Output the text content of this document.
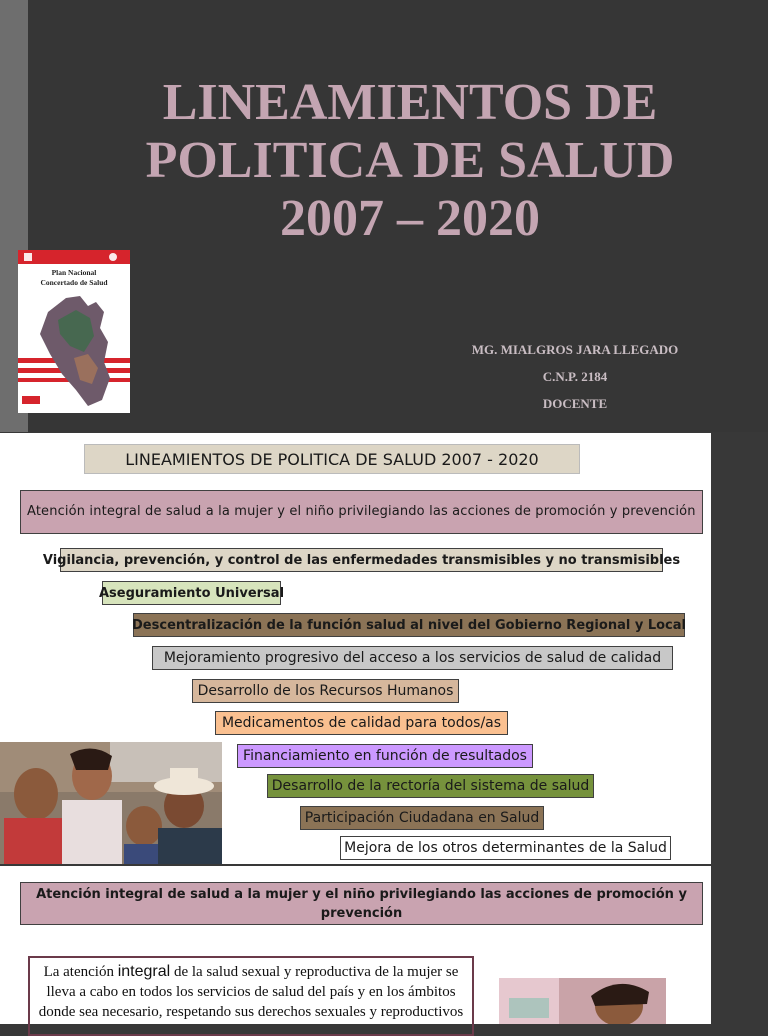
LINEAMIENTOS DE
POLITICA DE SALUD
2007 – 2020
Plan Nacional
Concertado de Salud
MG. MIALGROS JARA LLEGADO
C.N.P. 2184
DOCENTE
LINEAMIENTOS DE POLITICA DE SALUD 2007 - 2020
Atención integral de salud a la mujer y el niño privilegiando las acciones de promoción y prevención
Vigilancia, prevención, y control de las enfermedades transmisibles y no transmisibles
Aseguramiento Universal
Descentralización de la función salud al nivel del Gobierno Regional y Local
Mejoramiento progresivo del acceso a los servicios de salud de calidad
Desarrollo de los Recursos Humanos
Medicamentos de calidad para todos/as
Financiamiento en función de resultados
Desarrollo de la rectoría del sistema de salud
Participación Ciudadana en Salud
Mejora de los otros determinantes de la Salud
Atención integral de salud a la mujer y el niño privilegiando las acciones de promoción y prevención
La atención integral de la salud sexual y reproductiva de la mujer se lleva a cabo en todos los servicios de salud del país y en los ámbitos donde sea necesario, respetando sus derechos sexuales y reproductivos
